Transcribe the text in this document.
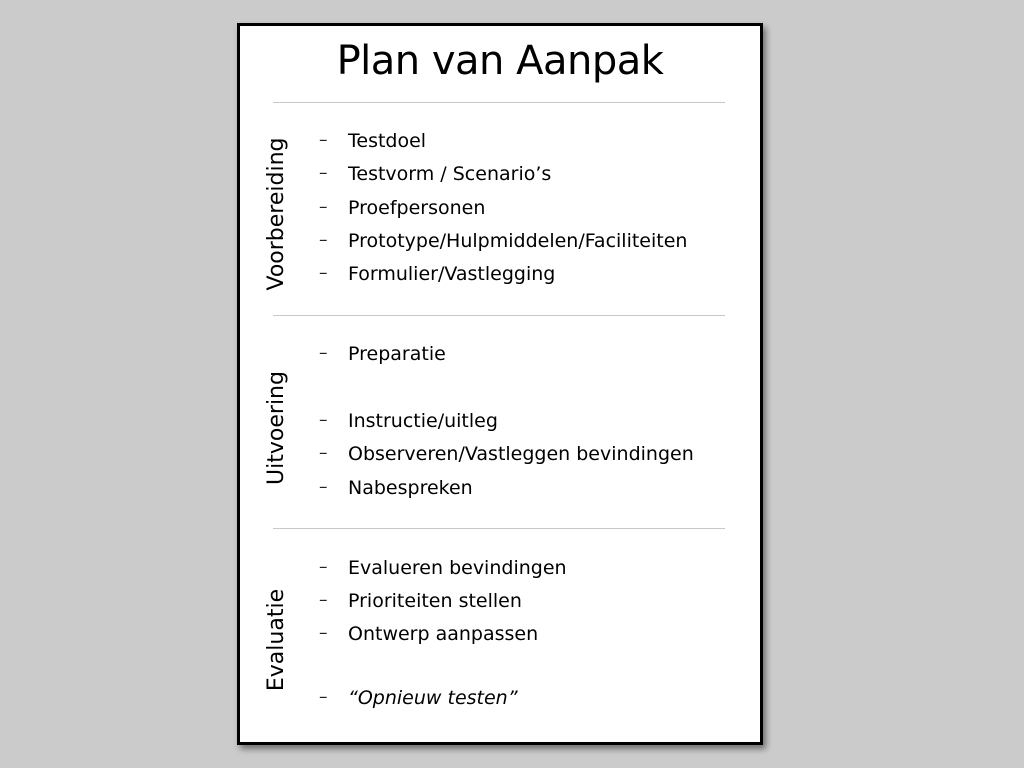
Plan van Aanpak
Voorbereiding – Testdoel
– Testvorm / Scenario’s
– Proefpersonen
– Prototype/Hulpmiddelen/Faciliteiten
– Formulier/Vastlegging
Uitvoering
– Preparatie
– Instructie/uitleg
– Observeren/Vastleggen bevindingen
– Nabespreken
Evaluatie
– Evalueren bevindingen
– Prioriteiten stellen
– Ontwerp aanpassen
– “Opnieuw testen”
